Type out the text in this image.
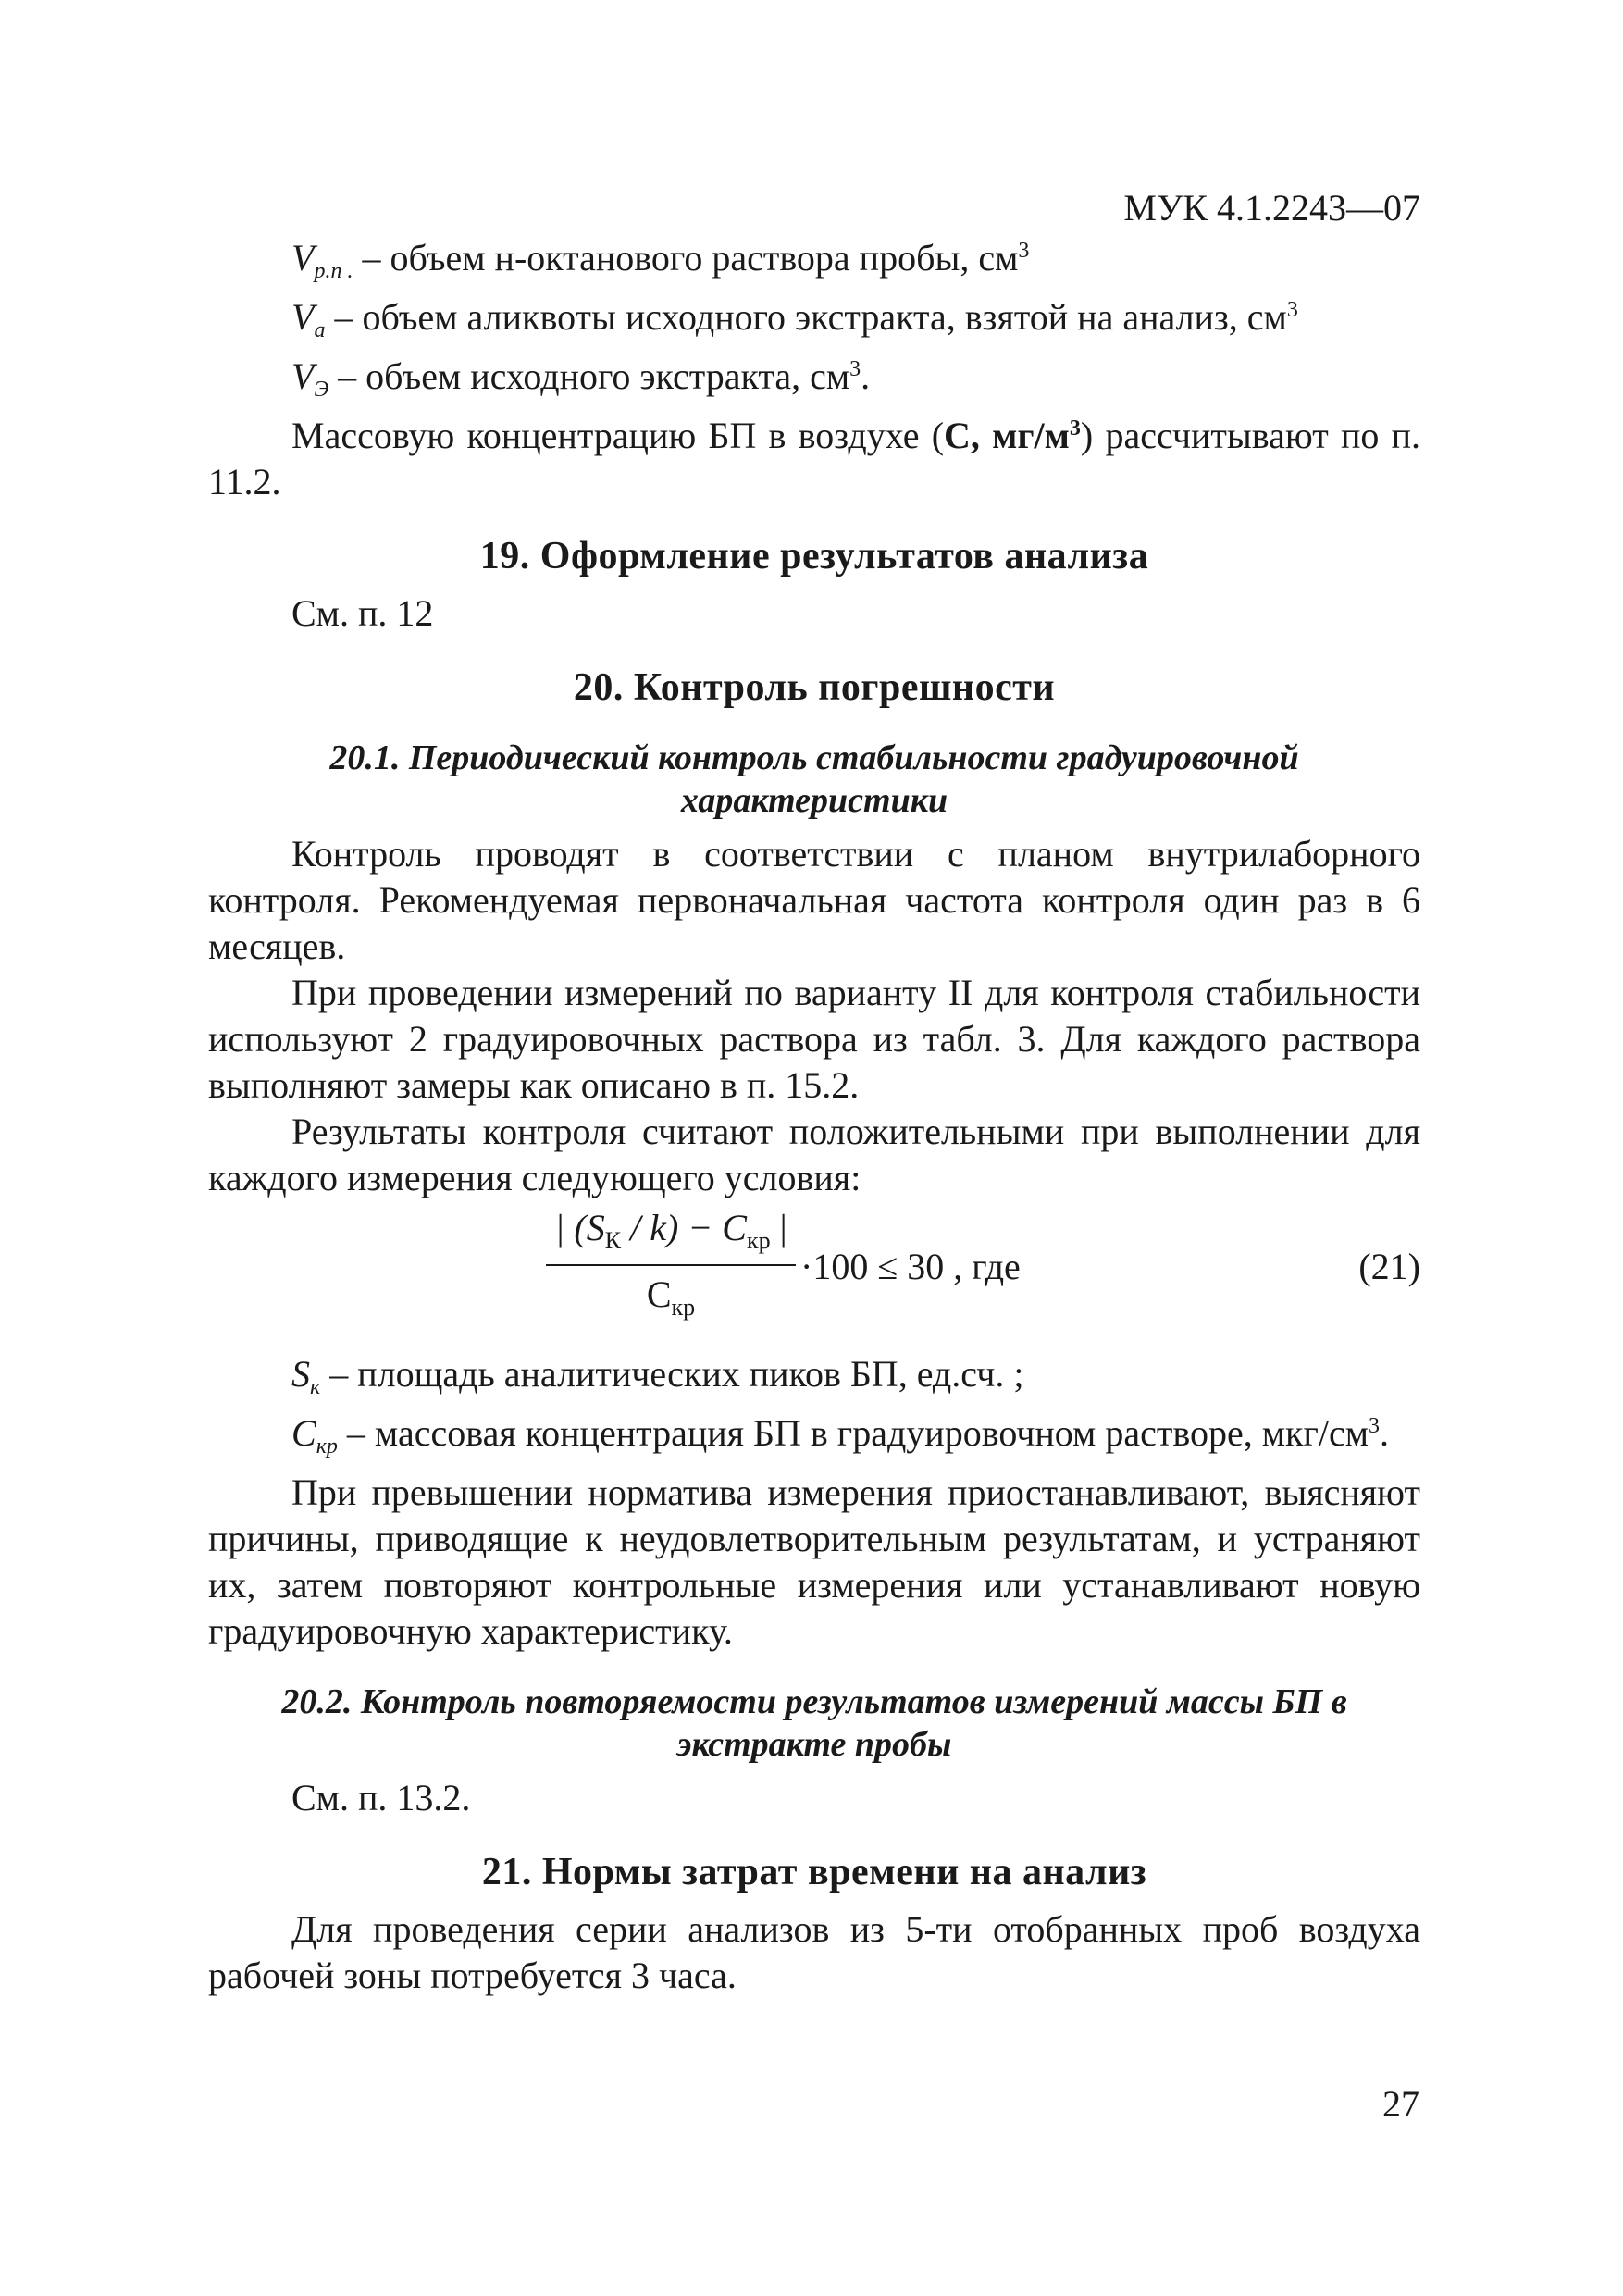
МУК 4.1.2243—07
$V_{р.п .}$ – объем н-октанового раствора пробы, $см^3$
$V_а$ – объем аликвоты исходного экстракта, взятой на анализ, $см^3$
$V_Э$ – объем исходного экстракта, $см^3$.

Массовую концентрацию БП в воздухе (С, $мг/м^3$) рассчитывают по п. 11.2.

19. Оформление результатов анализа

См. п. 12

20. Контроль погрешности
20.1. Периодический контроль стабильности градуировочной характеристики

Контроль проводят в соответствии с планом внутрилаборного контроля. Рекомендуемая первоначальная частота контроля один раз в 6 месяцев.

При проведении измерений по варианту II для контроля стабильности используют 2 градуировочных раствора из табл. 3. Для каждого раствора выполняют замеры как описано в п. 15.2.

Результаты контроля считают положительными при выполнении для каждого измерения следующего условия:

| $(S_К / k) - C_{кр}$ |
$C_{кр}$
·100 ≤ 30 , где	(21)

$S_к$ – площадь аналитических пиков БП, ед.сч. ;

$C_{кр}$ – массовая концентрация БП в градуировочном растворе, мкг/$см^3$.

При превышении норматива измерения приостанавливают, выясняют причины, приводящие к неудовлетворительным результатам, и устраняют их, затем повторяют контрольные измерения или устанавливают новую градуировочную характеристику.

20.2. Контроль повторяемости результатов измерений массы БП в экстракте пробы

См. п. 13.2.

21. Нормы затрат времени на анализ

Для проведения серии анализов из 5-ти отобранных проб воздуха рабочей зоны потребуется 3 часа.

27
